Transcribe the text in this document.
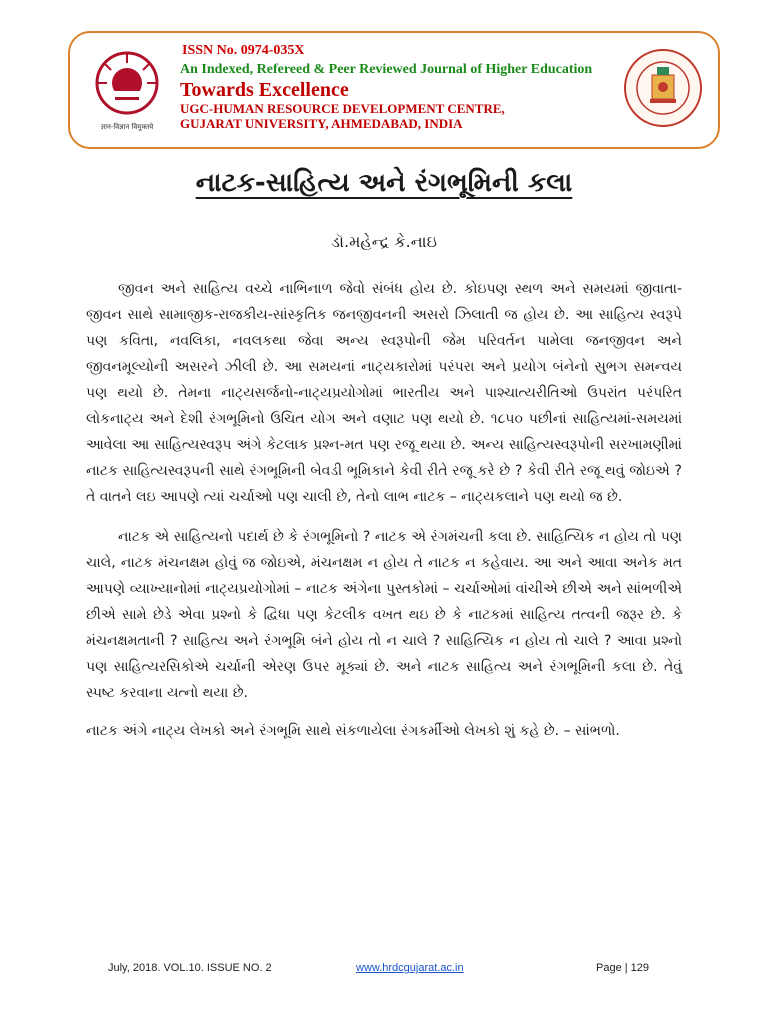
ज्ञान-विज्ञान विमुक्तये
ISSN No. 0974-035X
An Indexed, Refereed & Peer Reviewed Journal of Higher Education
Towards Excellence
UGC-HUMAN RESOURCE DEVELOPMENT CENTRE,
GUJARAT UNIVERSITY, AHMEDABAD, INDIA
નાટક-સાહિત્ય અને રંગભૂમિની કલા
ડૉ.મહેન્દ્ર કે.નાઇ

જીવન અને સાહિત્ય વચ્ચે નાભિનાળ જેવો સંબંધ હોય છે. કોઇપણ સ્થળ અને સમયમાં જીવાતા-જીવન સાથે સામાજીક-રાજકીય-સાંસ્કૃતિક જનજીવનની અસરો ઝિલાતી જ હોય છે. આ સાહિત્ય સ્વરૂપે પણ કવિતા, નવલિકા, નવલકથા જેવા અન્ય સ્વરૂપોની જેમ પરિવર્તન પામેલા જનજીવન અને જીવનમૂલ્યોની અસરને ઝીલી છે. આ સમયનાં નાટ્યકારોમાં પરંપરા અને પ્રયોગ બંનેનો સુભગ સમન્વય પણ થયો છે. તેમના નાટ્યસર્જનો-નાટ્યપ્રયોગોમાં ભારતીય અને પાશ્ચાત્યરીતિઓ ઉપરાંત પરંપરિત લોકનાટ્ય અને દેશી રંગભૂમિનો ઉચિત યોગ અને વણાટ પણ થયો છે. ૧૮૫૦ પછીનાં સાહિત્યમાં-સમયમાં આવેલા આ સાહિત્યસ્વરૂપ અંગે કેટલાક પ્રશ્ન-મત પણ રજૂ થયા છે. અન્ય સાહિત્યસ્વરૂપોની સરખામણીમાં નાટક સાહિત્યસ્વરૂપની સાથે રંગભૂમિની બેવડી ભૂમિકાને કેવી રીતે રજૂ કરે છે ? કેવી રીતે રજૂ થવું જોઇએ ? તે વાતને લઇ આપણે ત્યાં ચર્ચાઓ પણ ચાલી છે, તેનો લાભ નાટક – નાટ્યકલાને પણ થયો જ છે.

નાટક એ સાહિત્યનો પદાર્થ છે કે રંગભૂમિનો ? નાટક એ રંગમંચની કલા છે. સાહિત્યિક ન હોય તો પણ ચાલે, નાટક મંચનક્ષમ હોવું જ જોઇએ, મંચનક્ષમ ન હોય તે નાટક ન કહેવાય. આ અને આવા અનેક મત આપણે વ્યાખ્યાનોમાં નાટ્યપ્રયોગોમાં – નાટક અંગેના પુસ્તકોમાં – ચર્ચાઓમાં વાંચીએ છીએ અને સાંભળીએ છીએ સામે છેડે એવા પ્રશ્નો કે દ્વિધા પણ કેટલીક વખત થઇ છે કે નાટકમાં સાહિત્ય તત્વની જરૂર છે. કે મંચનક્ષમતાની ? સાહિત્ય અને રંગભૂમિ બંને હોય તો ન ચાલે ? સાહિત્યિક ન હોય તો ચાલે ? આવા પ્રશ્નો પણ સાહિત્યરસિકોએ ચર્ચાની એરણ ઉપર મૂક્યાં છે. અને નાટક સાહિત્ય અને રંગભૂમિની કલા છે. તેવું સ્પષ્ટ કરવાના યત્નો થયા છે.

નાટક અંગે નાટ્ય લેખકો અને રંગભૂમિ સાથે સંકળાયેલા રંગકર્મીઓ લેખકો શું કહે છે. – સાંભળો.

July, 2018. VOL.10. ISSUE NO. 2	www.hrdcgujarat.ac.in	Page | 129
